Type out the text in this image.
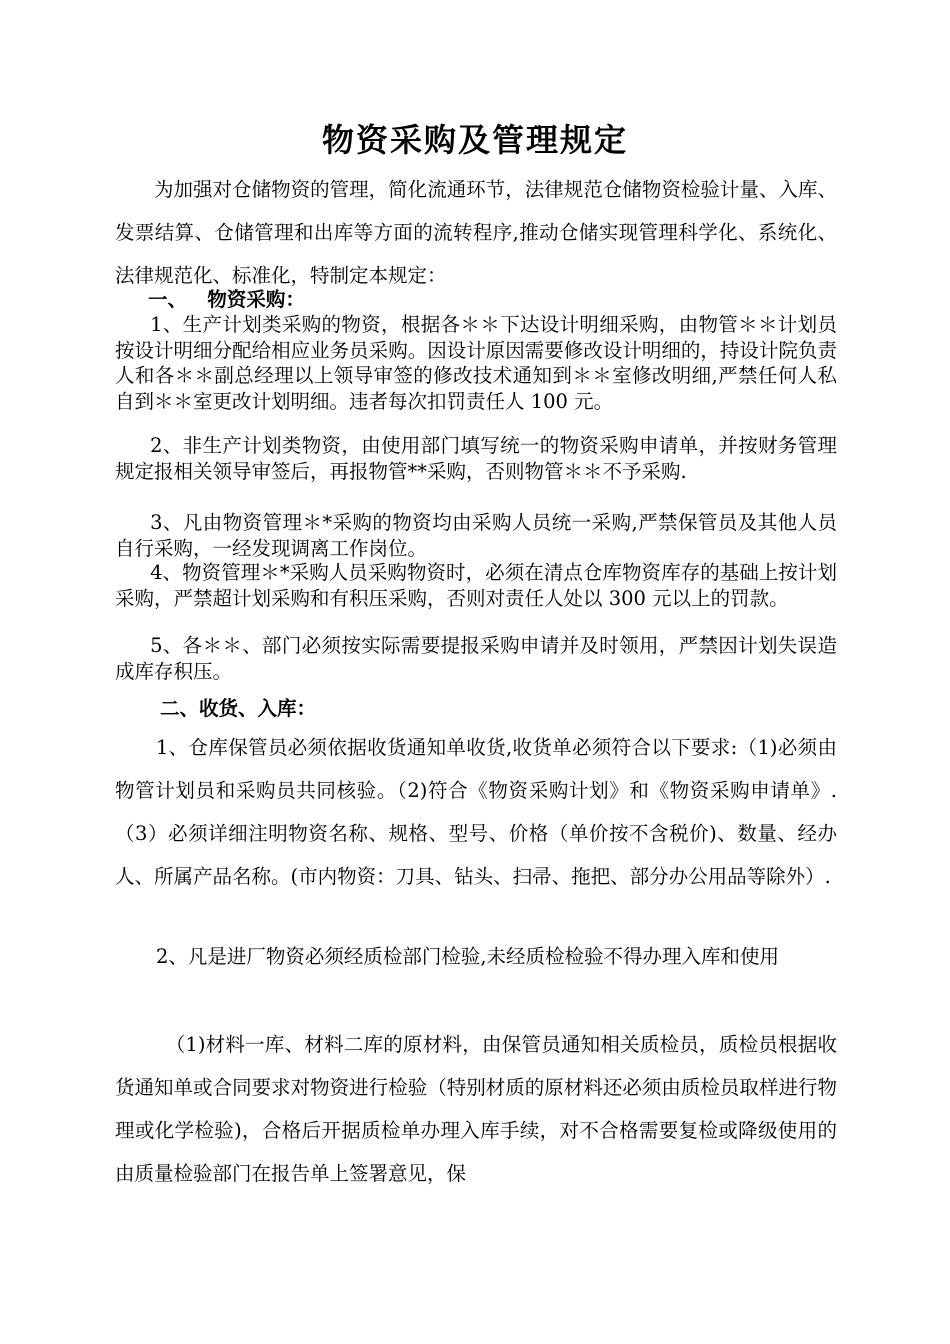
物资采购及管理规定
为加强对仓储物资的管理，简化流通环节，法律规范仓储物资检验计量、入库、发票结算、仓储管理和出库等方面的流转程序,推动仓储实现管理科学化、系统化、法律规范化、标准化，特制定本规定：
一、   物资采购：
1、生产计划类采购的物资，根据各＊＊下达设计明细采购，由物管＊＊计划员按设计明细分配给相应业务员采购。因设计原因需要修改设计明细的，持设计院负责人和各＊＊副总经理以上领导审签的修改技术通知到＊＊室修改明细,严禁任何人私自到＊＊室更改计划明细。违者每次扣罚责任人 100 元。
2、非生产计划类物资，由使用部门填写统一的物资采购申请单，并按财务管理规定报相关领导审签后，再报物管**采购，否则物管＊＊不予采购.
3、凡由物资管理＊*采购的物资均由采购人员统一采购,严禁保管员及其他人员自行采购，一经发现调离工作岗位。
4、物资管理＊*采购人员采购物资时，必须在清点仓库物资库存的基础上按计划采购，严禁超计划采购和有积压采购，否则对责任人处以 300 元以上的罚款。
5、各＊＊、部门必须按实际需要提报采购申请并及时领用，严禁因计划失误造成库存积压。
二、收货、入库：
1、仓库保管员必须依据收货通知单收货,收货单必须符合以下要求:（1)必须由物管计划员和采购员共同核验。（2)符合《物资采购计划》和《物资采购申请单》.（3）必须详细注明物资名称、规格、型号、价格（单价按不含税价)、数量、经办人、所属产品名称。(市内物资：刀具、钻头、扫帚、拖把、部分办公用品等除外）.
2、凡是进厂物资必须经质检部门检验,未经质检检验不得办理入库和使用
（1)材料一库、材料二库的原材料，由保管员通知相关质检员，质检员根据收货通知单或合同要求对物资进行检验（特别材质的原材料还必须由质检员取样进行物理或化学检验)，合格后开据质检单办理入库手续，对不合格需要复检或降级使用的由质量检验部门在报告单上签署意见，保
